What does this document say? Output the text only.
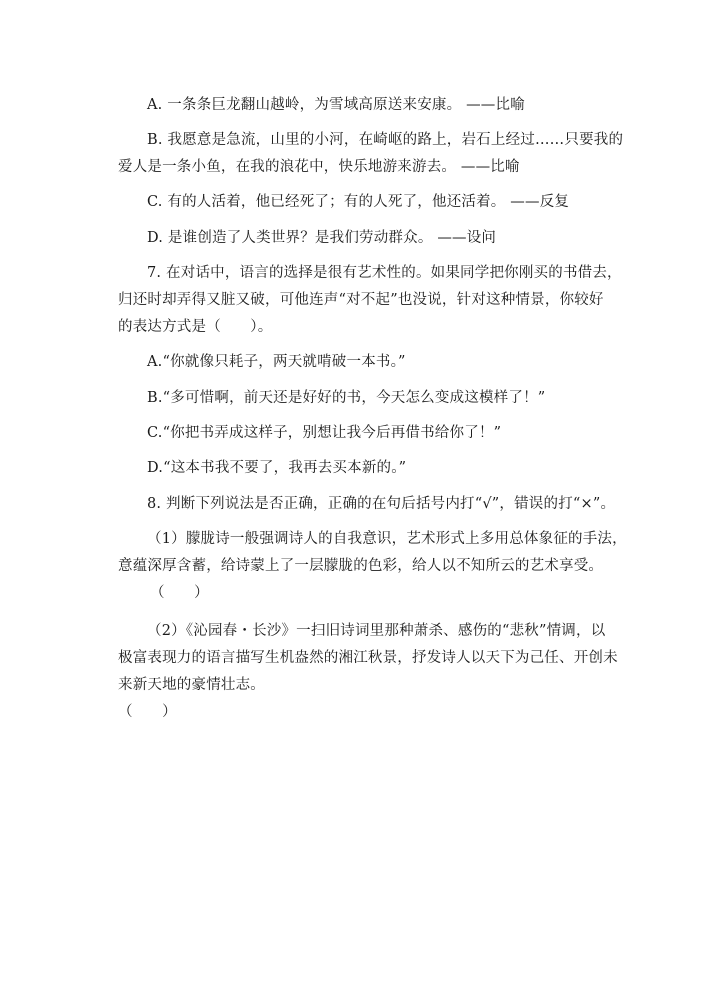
A. 一条条巨龙翻山越岭，为雪域高原送来安康。 ——比喻
B. 我愿意是急流，山里的小河，在崎岖的路上，岩石上经过……只要我的
爱人是一条小鱼，在我的浪花中，快乐地游来游去。 ——比喻
C. 有的人活着，他已经死了；有的人死了，他还活着。 ——反复
D. 是谁创造了人类世界？是我们劳动群众。 ——设问
7. 在对话中，语言的选择是很有艺术性的。如果同学把你刚买的书借去，
归还时却弄得又脏又破，可他连声“对不起”也没说，针对这种情景，你较好
的表达方式是（　　）。
A.“你就像只耗子，两天就啃破一本书。”
B.“多可惜啊，前天还是好好的书，今天怎么变成这模样了！”
C.“你把书弄成这样子，别想让我今后再借书给你了！”
D.“这本书我不要了，我再去买本新的。”
8. 判断下列说法是否正确，正确的在句后括号内打“√”，错误的打“×”。
（1）朦胧诗一般强调诗人的自我意识，艺术形式上多用总体象征的手法，
意蕴深厚含蓄，给诗蒙上了一层朦胧的色彩，给人以不知所云的艺术享受。
（　　）
（2）《沁园春・长沙》一扫旧诗词里那种萧杀、感伤的“悲秋”情调，以
极富表现力的语言描写生机盎然的湘江秋景，抒发诗人以天下为己任、开创未
来新天地的豪情壮志。
（　　）
